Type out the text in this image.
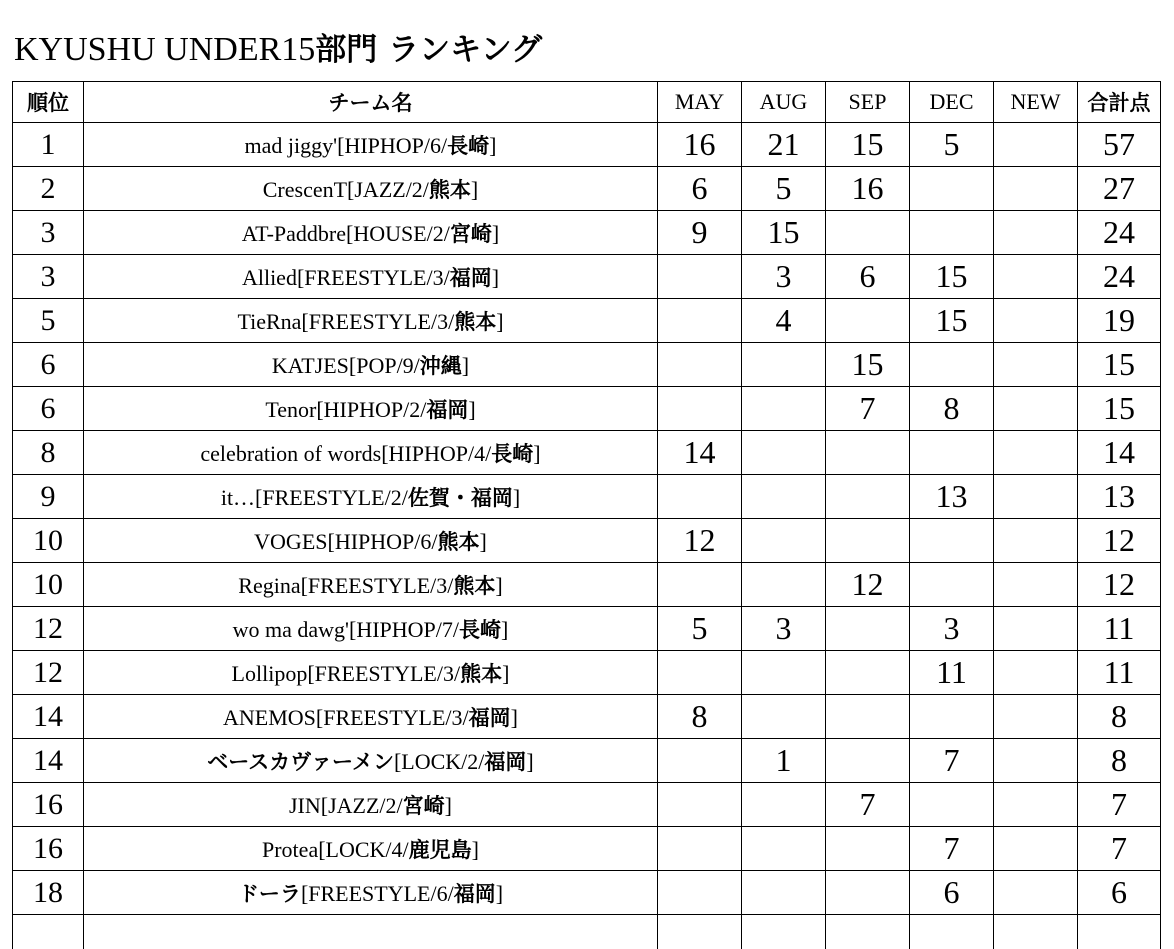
KYUSHU UNDER15部門 ランキング
順位	チーム名	MAY	AUG	SEP	DEC	NEW	合計点
1	mad jiggy'[HIPHOP/6/長崎]	16	21	15	5		57
2	CrescenT[JAZZ/2/熊本]	6	5	16			27
3	AT-Paddbre[HOUSE/2/宮崎]	9	15				24
3	Allied[FREESTYLE/3/福岡]		3	6	15		24
5	TieRna[FREESTYLE/3/熊本]		4		15		19
6	KATJES[POP/9/沖縄]			15			15
6	Tenor[HIPHOP/2/福岡]			7	8		15
8	celebration of words[HIPHOP/4/長崎]	14					14
9	it…[FREESTYLE/2/佐賀・福岡]				13		13
10	VOGES[HIPHOP/6/熊本]	12					12
10	Regina[FREESTYLE/3/熊本]			12			12
12	wo ma dawg'[HIPHOP/7/長崎]	5	3		3		11
12	Lollipop[FREESTYLE/3/熊本]				11		11
14	ANEMOS[FREESTYLE/3/福岡]	8					8
14	ベースカヴァーメン[LOCK/2/福岡]		1		7		8
16	JIN[JAZZ/2/宮崎]			7			7
16	Protea[LOCK/4/鹿児島]				7		7
18	ドーラ[FREESTYLE/6/福岡]				6		6
